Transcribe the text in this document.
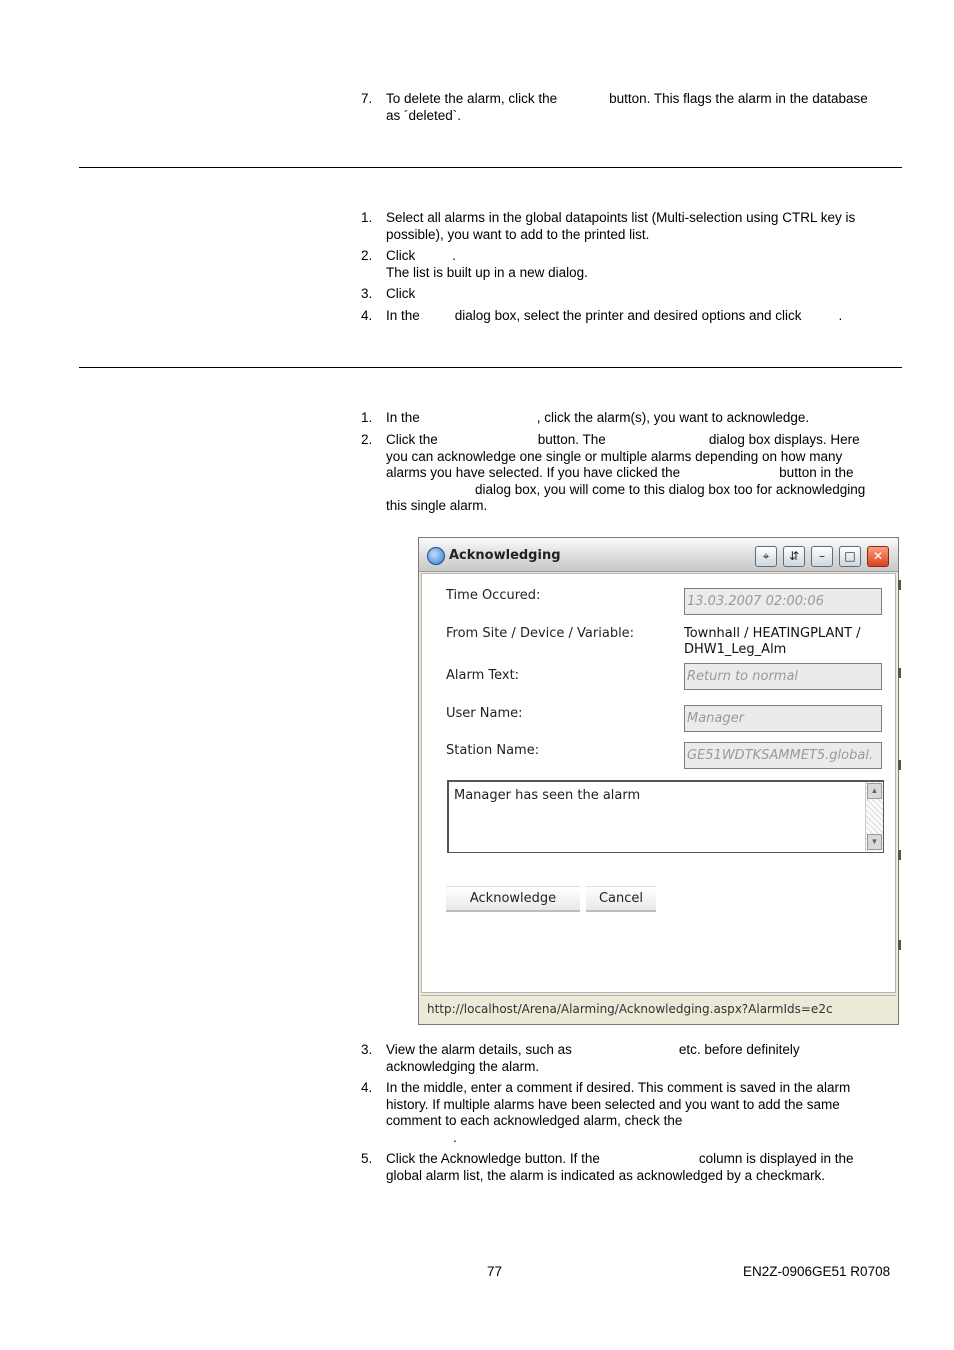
7.	To delete the alarm, click the	button. This flags the alarm in the database
as ´deleted`.
1.	Select all alarms in the global datapoints list (Multi-selection using CTRL key is
possible), you want to add to the printed list.
2.	Click	.
The list is built up in a new dialog.
3.	Click
4.	In the	dialog box, select the printer and desired options and click	.
1.	In the	, click the alarm(s), you want to acknowledge.
2.	Click the	button. The	dialog box displays. Here
you can acknowledge one single or multiple alarms depending on how many
alarms you have selected. If you have clicked the	button in the
dialog box, you will come to this dialog box too for acknowledging
this single alarm.
Acknowledging	⌖	⇵	–	□	✕
Time Occured:	13.03.2007 02:00:06
From Site / Device / Variable:	Townhall / HEATINGPLANT /
DHW1_Leg_Alm
Alarm Text:	Return to normal
User Name:	Manager
Station Name:	GE51WDTKSAMMET5.global.
Manager has seen the alarm	▲
▼
Acknowledge	Cancel
http://localhost/Arena/Alarming/Acknowledging.aspx?AlarmIds=e2c
3.	View the alarm details, such as	etc. before definitely
acknowledging the alarm.
4.	In the middle, enter a comment if desired. This comment is saved in the alarm
history. If multiple alarms have been selected and you want to add the same
comment to each acknowledged alarm, check the
.
5.	Click the Acknowledge button. If the	column is displayed in the
global alarm list, the alarm is indicated as acknowledged by a checkmark.
77	EN2Z-0906GE51 R0708
